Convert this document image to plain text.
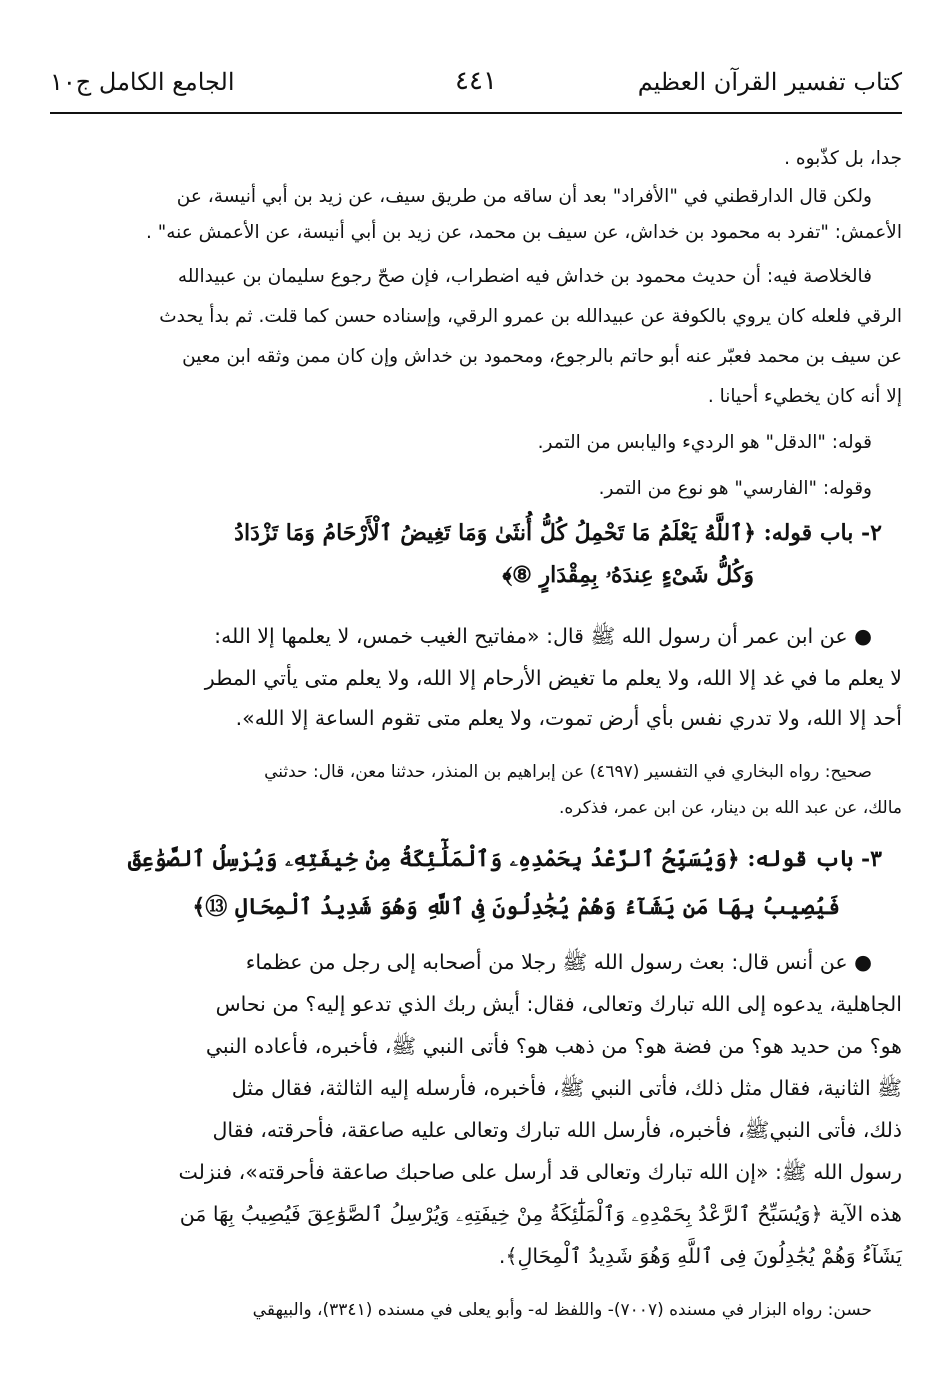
كتاب تفسير القرآن العظيم
٤٤١
الجامع الكامل ج١٠
جدا، بل كذّبوه .
ولكن قال الدارقطني في "الأفراد" بعد أن ساقه من طريق سيف، عن زيد بن أبي أنيسة، عن
الأعمش: "تفرد به محمود بن خداش، عن سيف بن محمد، عن زيد بن أبي أنيسة، عن الأعمش عنه" .
فالخلاصة فيه: أن حديث محمود بن خداش فيه اضطراب، فإن صحّ رجوع سليمان بن عبيدالله
الرقي فلعله كان يروي بالكوفة عن عبيدالله بن عمرو الرقي، وإسناده حسن كما قلت. ثم بدأ يحدث
عن سيف بن محمد فعبّر عنه أبو حاتم بالرجوع، ومحمود بن خداش وإن كان ممن وثقه ابن معين
إلا أنه كان يخطيء أحيانا .
قوله: "الدقل" هو الرديء واليابس من التمر.
وقوله: "الفارسي" هو نوع من التمر.
٢- باب قوله: ﴿ٱللَّهُ يَعْلَمُ مَا تَحْمِلُ كُلُّ أُنثَىٰ وَمَا تَغِيضُ ٱلْأَرْحَامُ وَمَا تَزْدَادُ
وَكُلُّ شَىْءٍ عِندَهُۥ بِمِقْدَارٍ ⑧﴾
● عن ابن عمر أن رسول الله ﷺ قال: «مفاتيح الغيب خمس، لا يعلمها إلا الله:
لا يعلم ما في غد إلا الله، ولا يعلم ما تغيض الأرحام إلا الله، ولا يعلم متى يأتي المطر
أحد إلا الله، ولا تدري نفس بأي أرض تموت، ولا يعلم متى تقوم الساعة إلا الله».
صحيح: رواه البخاري في التفسير (٤٦٩٧) عن إبراهيم بن المنذر، حدثنا معن، قال: حدثني
مالك، عن عبد الله بن دينار، عن ابن عمر، فذكره.
٣- باب قوله: ﴿وَيُسَبِّحُ ٱلرَّعْدُ بِحَمْدِهِۦ وَٱلْمَلَٰٓئِكَةُ مِنْ خِيفَتِهِۦ وَيُرْسِلُ ٱلصَّوَٰعِقَ
فَيُصِيبُ بِهَا مَن يَشَآءُ وَهُمْ يُجَٰدِلُونَ فِى ٱللَّهِ وَهُوَ شَدِيدُ ٱلْمِحَالِ ⑬﴾
● عن أنس قال: بعث رسول الله ﷺ رجلا من أصحابه إلى رجل من عظماء
الجاهلية، يدعوه إلى الله تبارك وتعالى، فقال: أيش ربك الذي تدعو إليه؟ من نحاس
هو؟ من حديد هو؟ من فضة هو؟ من ذهب هو؟ فأتى النبي ﷺ، فأخبره، فأعاده النبي
ﷺ الثانية، فقال مثل ذلك، فأتى النبي ﷺ، فأخبره، فأرسله إليه الثالثة، فقال مثل
ذلك، فأتى النبيﷺ، فأخبره، فأرسل الله تبارك وتعالى عليه صاعقة، فأحرقته، فقال
رسول الله ﷺ: «إن الله تبارك وتعالى قد أرسل على صاحبك صاعقة فأحرقته»، فنزلت
هذه الآية ﴿وَيُسَبِّحُ ٱلرَّعْدُ بِحَمْدِهِۦ وَٱلْمَلَٰٓئِكَةُ مِنْ خِيفَتِهِۦ وَيُرْسِلُ ٱلصَّوَٰعِقَ فَيُصِيبُ بِهَا مَن
يَشَآءُ وَهُمْ يُجَٰدِلُونَ فِى ٱللَّهِ وَهُوَ شَدِيدُ ٱلْمِحَالِ﴾.
حسن: رواه البزار في مسنده (٧٠٠٧)- واللفظ له- وأبو يعلى في مسنده (٣٣٤١)، والبيهقي
